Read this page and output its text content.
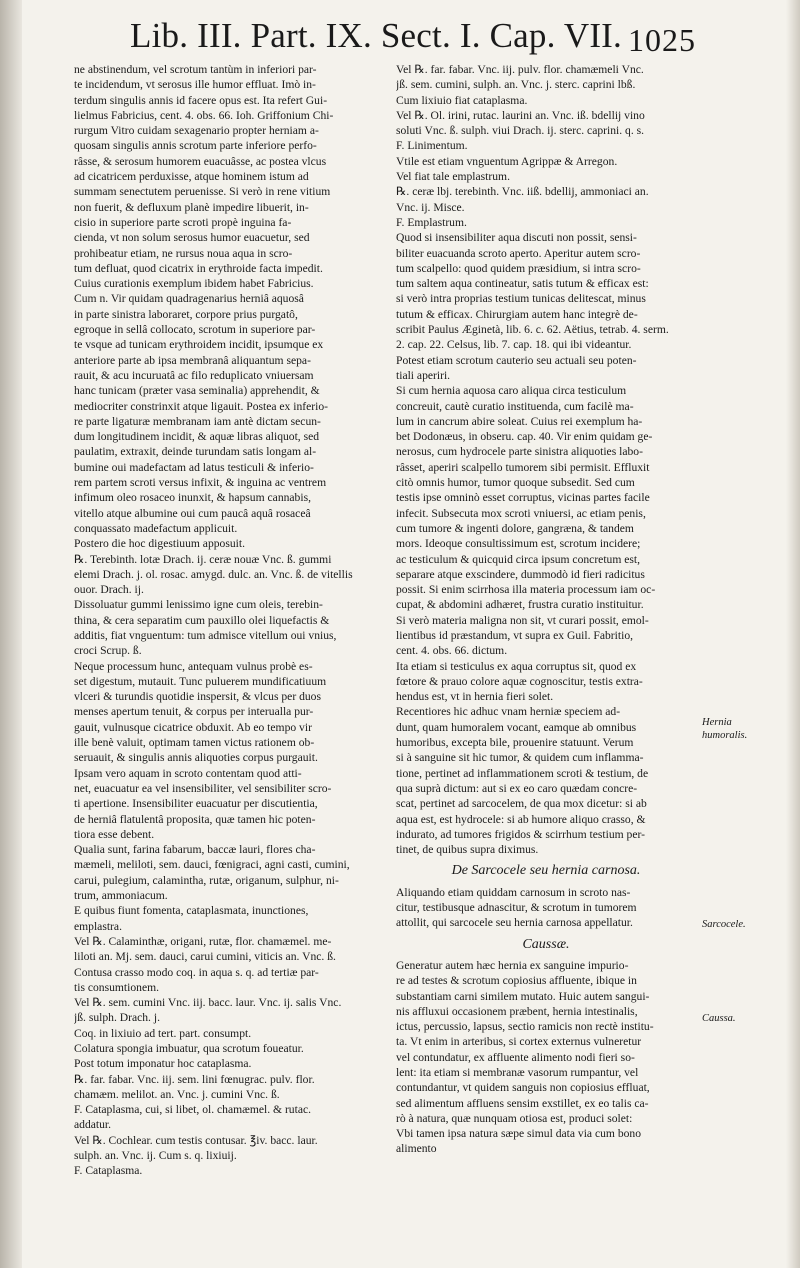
Lib. III. Part. IX. Sect. I. Cap. VII. 1025
ne abstinendum, vel scrotum tantùm in inferiori par-
te incidendum, vt serosus ille humor effluat. Imò in-
terdum singulis annis id facere opus est. Ita refert Gui-
lielmus Fabricius, cent. 4. obs. 66. Ioh. Griffonium Chi-
rurgum Vitro cuidam sexagenario propter herniam a-
quosam singulis annis scrotum parte inferiore perfo-
râsse, & serosum humorem euacuâsse, ac postea vlcus
ad cicatricem perduxisse, atque hominem istum ad
summam senectutem peruenisse. Si verò in rene vitium
non fuerit, & defluxum planè impedire libuerit, in-
cisio in superiore parte scroti propè inguina fa-
cienda, vt non solum serosus humor euacuetur, sed
prohibeatur etiam, ne rursus noua aqua in scro-
tum defluat, quod cicatrix in erythroide facta impedit.
Cuius curationis exemplum ibidem habet Fabricius.
Cum n. Vir quidam quadragenarius herniâ aquosâ
in parte sinistra laboraret, corpore prius purgatô,
egroque in sellâ collocato, scrotum in superiore par-
te vsque ad tunicam erythroidem incidit, ipsumque ex
anteriore parte ab ipsa membranâ aliquantum sepa-
rauit, & acu incuruatâ ac filo reduplicato vniuersam
hanc tunicam (præter vasa seminalia) apprehendit, &
mediocriter constrinxit atque ligauit. Postea ex inferio-
re parte ligaturæ membranam iam antè dictam secun-
dum longitudinem incidit, & aquæ libras aliquot, sed
paulatim, extraxit, deinde turundam satis longam al-
bumine oui madefactam ad latus testiculi & inferio-
rem partem scroti versus infixit, & inguina ac ventrem
infimum oleo rosaceo inunxit, & hapsum cannabis,
vitello atque albumine oui cum paucâ aquâ rosaceâ
conquassato madefactum applicuit.
Postero die hoc digestiuum apposuit.
℞. Terebinth. lotæ Drach. ij. ceræ nouæ Vnc. ß. gummi
elemi Drach. j. ol. rosac. amygd. dulc. an. Vnc. ß. de vitellis
ouor. Drach. ij.
Dissoluatur gummi lenissimo igne cum oleis, terebin-
thina, & cera separatim cum pauxillo olei liquefactis &
additis, fiat vnguentum: tum admisce vitellum oui vnius,
croci Scrup. ß.
Neque processum hunc, antequam vulnus probè es-
set digestum, mutauit. Tunc puluerem mundificatiuum
vlceri & turundis quotidie inspersit, & vlcus per duos
menses apertum tenuit, & corpus per interualla pur-
gauit, vulnusque cicatrice obduxit. Ab eo tempo vir
ille benè valuit, optimam tamen victus rationem ob-
seruauit, & singulis annis aliquoties corpus purgauit.
Ipsam vero aquam in scroto contentam quod atti-
net, euacuatur ea vel insensibiliter, vel sensibiliter scro-
ti apertione. Insensibiliter euacuatur per discutientia,
de herniâ flatulentâ proposita, quæ tamen hic poten-
tiora esse debent.
Qualia sunt, farina fabarum, baccæ lauri, flores cha-
mæmeli, meliloti, sem. dauci, fœnigraci, agni casti, cumini,
carui, pulegium, calamintha, rutæ, origanum, sulphur, ni-
trum, ammoniacum.
E quibus fiunt fomenta, cataplasmata, inunctiones,
emplastra.
Vel ℞. Calaminthæ, origani, rutæ, flor. chamæmel. me-
liloti an. Mj. sem. dauci, carui cumini, viticis an. Vnc. ß.
Contusa crasso modo coq. in aqua s. q. ad tertiæ par-
tis consumtionem.
Vel ℞. sem. cumini Vnc. iij. bacc. laur. Vnc. ij. salis Vnc.
jß. sulph. Drach. j.
Coq. in lixiuio ad tert. part. consumpt.
Colatura spongia imbuatur, qua scrotum foueatur.
Post totum imponatur hoc cataplasma.
℞. far. fabar. Vnc. iij. sem. lini fœnugrac. pulv. flor.
chamæm. melilot. an. Vnc. j. cumini Vnc. ß.
F. Cataplasma, cui, si libet, ol. chamæmel. & rutac.
addatur.
Vel ℞. Cochlear. cum testis contusar. ℥iv. bacc. laur.
sulph. an. Vnc. ij. Cum s. q. lixiuij.
F. Cataplasma.
Vel ℞. far. fabar. Vnc. iij. pulv. flor. chamæmeli Vnc.
jß. sem. cumini, sulph. an. Vnc. j. sterc. caprini lbß.
Cum lixiuio fiat cataplasma.
Vel ℞. Ol. irini, rutac. laurini an. Vnc. iß. bdellij vino
soluti Vnc. ß. sulph. viui Drach. ij. sterc. caprini. q. s.
F. Linimentum.
Vtile est etiam vnguentum Agrippæ & Arregon.
Vel fiat tale emplastrum.
℞. ceræ lbj. terebinth. Vnc. iiß. bdellij, ammoniaci an.
Vnc. ij. Misce.
F. Emplastrum.
Quod si insensibiliter aqua discuti non possit, sensi-
biliter euacuanda scroto aperto. Aperitur autem scro-
tum scalpello: quod quidem præsidium, si intra scro-
tum saltem aqua contineatur, satis tutum & efficax est:
si verò intra proprias testium tunicas delitescat, minus
tutum & efficax. Chirurgiam autem hanc integrè de-
scribit Paulus Æginetà, lib. 6. c. 62. Aëtius, tetrab. 4. serm.
2. cap. 22. Celsus, lib. 7. cap. 18. qui ibi videantur.
Potest etiam scrotum cauterio seu actuali seu poten-
tiali aperiri.
Si cum hernia aquosa caro aliqua circa testiculum
concreuit, cautè curatio instituenda, cum facilè ma-
lum in cancrum abire soleat. Cuius rei exemplum ha-
bet Dodonæus, in obseru. cap. 40. Vir enim quidam ge-
nerosus, cum hydrocele parte sinistra aliquoties labo-
râsset, aperiri scalpello tumorem sibi permisit. Effluxit
citò omnis humor, tumor quoque subsedit. Sed cum
testis ipse omninò esset corruptus, vicinas partes facile
infecit. Subsecuta mox scroti vniuersi, ac etiam penis,
cum tumore & ingenti dolore, gangræna, & tandem
mors. Ideoque consultissimum est, scrotum incidere;
ac testiculum & quicquid circa ipsum concretum est,
separare atque exscindere, dummodò id fieri radicitus
possit. Si enim scirrhosa illa materia processum iam oc-
cupat, & abdomini adhæret, frustra curatio instituitur.
Si verò materia maligna non sit, vt curari possit, emol-
lientibus id præstandum, vt supra ex Guil. Fabritio,
cent. 4. obs. 66. dictum.
Ita etiam si testiculus ex aqua corruptus sit, quod ex
fœtore & prauo colore aquæ cognoscitur, testis extra-
hendus est, vt in hernia fieri solet.
Recentiores hic adhuc vnam herniæ speciem ad-
dunt, quam humoralem vocant, eamque ab omnibus
humoribus, excepta bile, prouenire statuunt. Verum
si à sanguine sit hic tumor, & quidem cum inflamma-
tione, pertinet ad inflammationem scroti & testium, de
qua suprà dictum: aut si ex eo caro quædam concre-
scat, pertinet ad sarcocelem, de qua mox dicetur: si ab
aqua est, est hydrocele: si ab humore aliquo crasso, &
indurato, ad tumores frigidos & scirrhum testium per-
tinet, de quibus supra diximus.
De Sarcocele seu hernia carnosa.
Aliquando etiam quiddam carnosum in scroto nas-
citur, testibusque adnascitur, & scrotum in tumorem
attollit, qui sarcocele seu hernia carnosa appellatur.
Caussæ.
Generatur autem hæc hernia ex sanguine impurio-
re ad testes & scrotum copiosius affluente, ibique in
substantiam carni similem mutato. Huic autem sangui-
nis affluxui occasionem præbent, hernia intestinalis,
ictus, percussio, lapsus, sectio ramicis non rectè institu-
ta. Vt enim in arteribus, si cortex externus vulneretur
vel contundatur, ex affluente alimento nodi fieri so-
lent: ita etiam si membranæ vasorum rumpantur, vel
contundantur, vt quidem sanguis non copiosius effluat,
sed alimentum affluens sensim exstillet, ex eo talis ca-
rò à natura, quæ nunquam otiosa est, produci solet:
Vbi tamen ipsa natura sæpe simul data via cum bono
alimento
Hernia humoralis.
Sarcocele.
Caussa.
